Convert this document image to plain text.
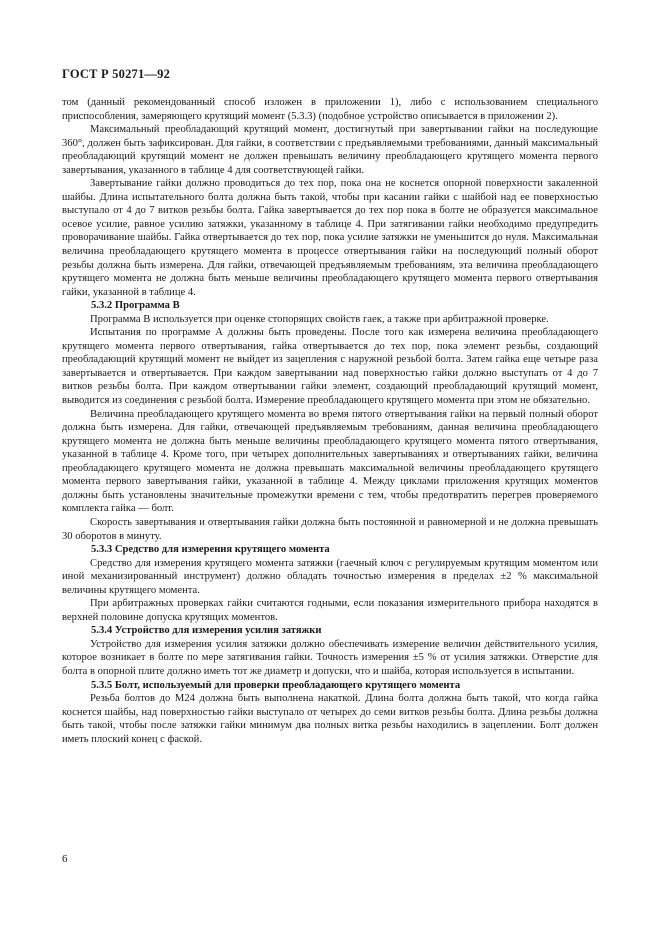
ГОСТ Р 50271—92

том (данный рекомендованный способ изложен в приложении 1), либо с использованием специального приспособления, замеряющего крутящий момент (5.3.3) (подобное устройство описывается в приложении 2).

Максимальный преобладающий крутящий момент, достигнутый при завертывании гайки на последующие 360°, должен быть зафиксирован. Для гайки, в соответствии с предъявляемыми требованиями, данный максимальный преобладающий крутящий момент не должен превышать величину преобладающего крутящего момента первого завертывания, указанного в таблице 4 для соответствующей гайки.

Завертывание гайки должно проводиться до тех пор, пока она не коснется опорной поверхности закаленной шайбы. Длина испытательного болта должна быть такой, чтобы при касании гайки с шайбой над ее поверхностью выступало от 4 до 7 витков резьбы болта. Гайка завертывается до тех пор пока в болте не образуется максимальное осевое усилие, равное усилию затяжки, указанному в таблице 4. При затягивании гайки необходимо предупредить проворачивание шайбы. Гайка отвертывается до тех пор, пока усилие затяжки не уменьшится до нуля. Максимальная величина преобладающего крутящего момента в процессе отвертывания гайки на последующий полный оборот резьбы должна быть измерена. Для гайки, отвечающей предъявляемым требованиям, эта величина преобладающего крутящего момента не должна быть меньше величины преобладающего крутящего момента первого отвертывания гайки, указанной в таблице 4.

5.3.2 Программа В

Программа В используется при оценке стопорящих свойств гаек, а также при арбитражной проверке.

Испытания по программе А должны быть проведены. После того как измерена величина преобладающего крутящего момента первого отвертывания, гайка отвертывается до тех пор, пока элемент резьбы, создающий преобладающий крутящий момент не выйдет из зацепления с наружной резьбой болта. Затем гайка еще четыре раза завертывается и отвертывается. При каждом завертывании над поверхностью гайки должно выступать от 4 до 7 витков резьбы болта. При каждом отвертывании гайки элемент, создающий преобладающий крутящий момент, выводится из соединения с резьбой болта. Измерение преобладающего крутящего момента при этом не обязательно.

Величина преобладающего крутящего момента во время пятого отвертывания гайки на первый полный оборот должна быть измерена. Для гайки, отвечающей предъявляемым требованиям, данная величина преобладающего крутящего момента не должна быть меньше величины преобладающего крутящего момента пятого отвертывания, указанной в таблице 4. Кроме того, при четырех дополнительных завертываниях и отвертываниях гайки, величина преобладающего крутящего момента не должна превышать максимальной величины преобладающего крутящего момента первого завертывания гайки, указанной в таблице 4. Между циклами приложения крутящих моментов должны быть установлены значительные промежутки времени с тем, чтобы предотвратить перегрев проверяемого комплекта гайка — болт.

Скорость завертывания и отвертывания гайки должна быть постоянной и равномерной и не должна превышать 30 оборотов в минуту.

5.3.3 Средство для измерения крутящего момента

Средство для измерения крутящего момента затяжки (гаечный ключ с регулируемым крутящим моментом или иной механизированный инструмент) должно обладать точностью измерения в пределах ±2 % максимальной величины крутящего момента.

При арбитражных проверках гайки считаются годными, если показания измерительного прибора находятся в верхней половине допуска крутящих моментов.

5.3.4 Устройство для измерения усилия затяжки

Устройство для измерения усилия затяжки должно обеспечивать измерение величин действительного усилия, которое возникает в болте по мере затягивания гайки. Точность измерения ±5 % от усилия затяжки. Отверстие для болта в опорной плите должно иметь тот же диаметр и допуски, что и шайба, которая используется в испытании.

5.3.5 Болт, используемый для проверки преобладающего крутящего момента

Резьба болтов до М24 должна быть выполнена накаткой. Длина болта должна быть такой, что когда гайка коснется шайбы, над поверхностью гайки выступало от четырех до семи витков резьбы болта. Длина резьбы должна быть такой, чтобы после затяжки гайки минимум два полных витка резьбы находились в зацеплении. Болт должен иметь плоский конец с фаской.

6
